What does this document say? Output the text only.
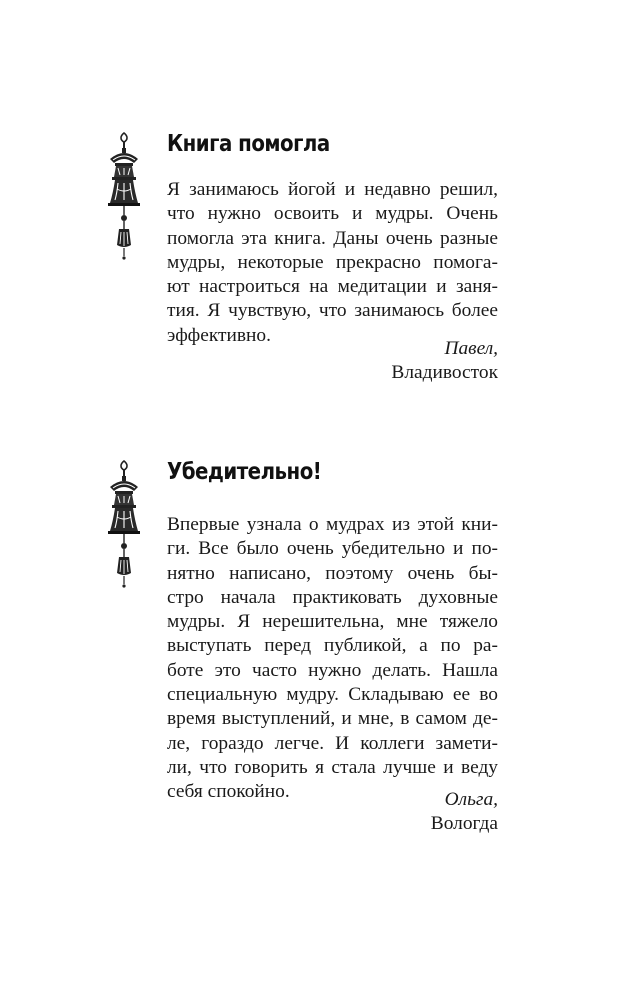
Книга помогла

Я занимаюсь йогой и недавно решил,
что нужно освоить и мудры. Очень
помогла эта книга. Даны очень разные
мудры, некоторые прекрасно помога-
ют настроиться на медитации и заня-
тия. Я чувствую, что занимаюсь более
эффективно.

Павел,
Владивосток
Убедительно!

Впервые узнала о мудрах из этой кни-
ги. Все было очень убедительно и по-
нятно написано, поэтому очень бы-
стро начала практиковать духовные
мудры. Я нерешительна, мне тяжело
выступать перед публикой, а по ра-
боте это часто нужно делать. Нашла
специальную мудру. Складываю ее во
время выступлений, и мне, в самом де-
ле, гораздо легче. И коллеги замети-
ли, что говорить я стала лучше и веду
себя спокойно.	Ольга,
Вологда
